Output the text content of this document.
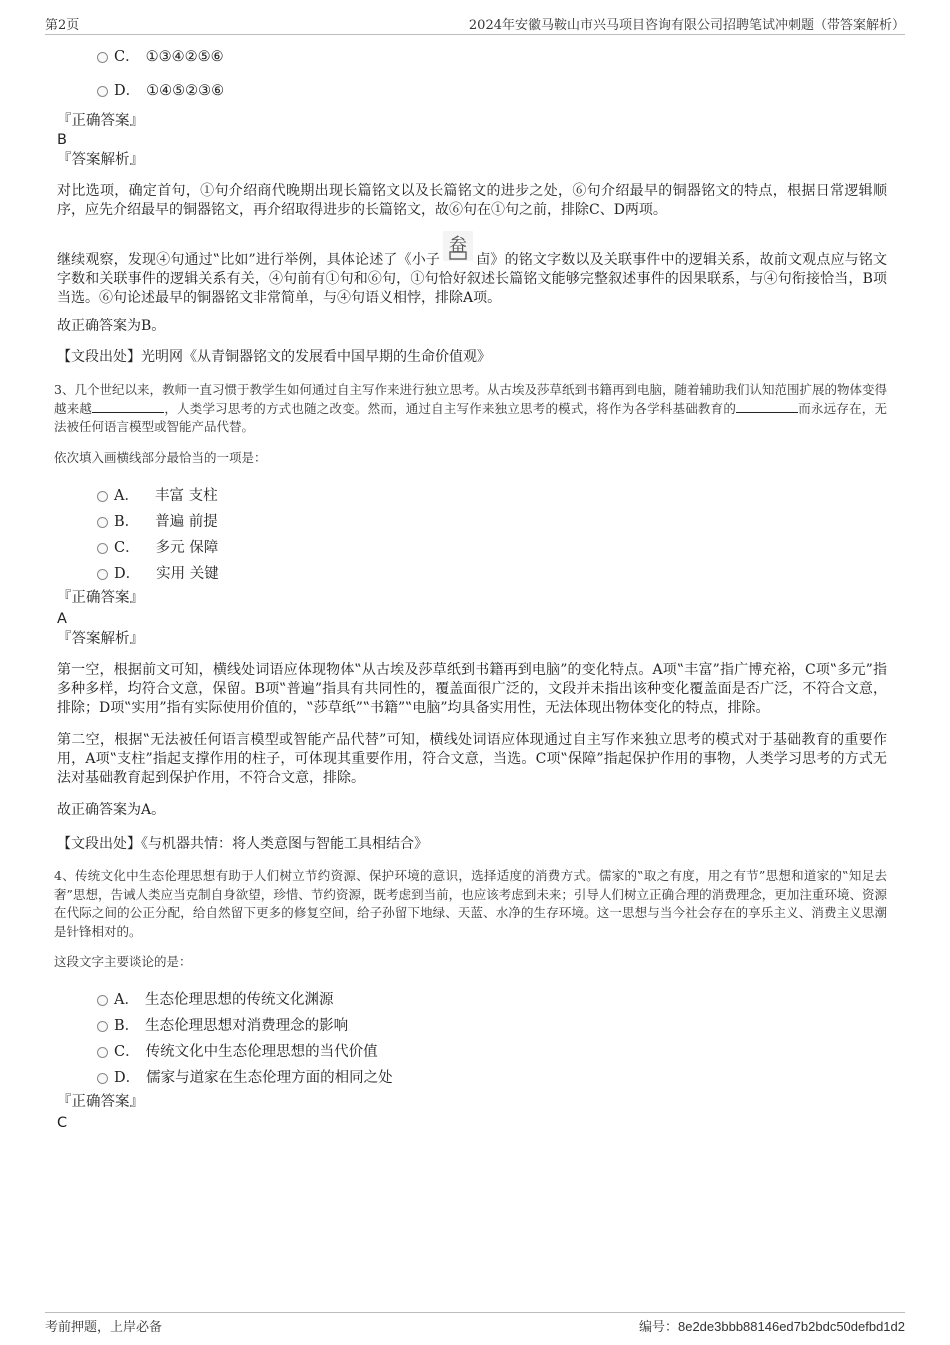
第2页	2024年安徽马鞍山市兴马项目咨询有限公司招聘笔试冲刺题（带答案解析）
C． ①③④②⑤⑥
D． ①④⑤②③⑥
『正确答案』
B
『答案解析』
对比选项，确定首句，①句介绍商代晚期出现长篇铭文以及长篇铭文的进步之处，⑥句介绍最早的铜器铭文的特点，根据日常逻辑顺序，应先介绍最早的铜器铭文，再介绍取得进步的长篇铭文，故⑥句在①句之前，排除C、D两项。
继续观察，发现④句通过‟比如”进行举例，具体论述了《小子
畚
卣》的铭文字数以及关联事件中的逻辑关系，故前文观点应与铭文字数和关联事件的逻辑关系有关，④句前有①句和⑥句，①句恰好叙述长篇铭文能够完整叙述事件的因果联系，与④句衔接恰当，B项当选。⑥句论述最早的铜器铭文非常简单，与④句语义相悖，排除A项。
故正确答案为B。
【文段出处】光明网《从青铜器铭文的发展看中国早期的生命价值观》
3、几个世纪以来，教师一直习惯于教学生如何通过自主写作来进行独立思考。从古埃及莎草纸到书籍再到电脑，随着辅助我们认知范围扩展的物体变得越来越	，人类学习思考的方式也随之改变。然而，通过自主写作来独立思考的模式，将作为各学科基础教育的	而永远存在，无法被任何语言模型或智能产品代替。
依次填入画横线部分最恰当的一项是：
A． 丰富 支柱
B． 普遍 前提
C． 多元 保障
D． 实用 关键
『正确答案』
A
『答案解析』
第一空，根据前文可知，横线处词语应体现物体‟从古埃及莎草纸到书籍再到电脑”的变化特点。A项‟丰富”指广博充裕，C项‟多元”指多种多样，均符合文意，保留。B项‟普遍”指具有共同性的，覆盖面很广泛的，文段并未指出该种变化覆盖面是否广泛，不符合文意，排除；D项‟实用”指有实际使用价值的，‟莎草纸”‟书籍”‟电脑”均具备实用性，无法体现出物体变化的特点，排除。
第二空，根据‟无法被任何语言模型或智能产品代替”可知，横线处词语应体现通过自主写作来独立思考的模式对于基础教育的重要作用，A项‟支柱”指起支撑作用的柱子，可体现其重要作用，符合文意，当选。C项‟保障”指起保护作用的事物，人类学习思考的方式无法对基础教育起到保护作用，不符合文意，排除。
故正确答案为A。
【文段出处】《与机器共情：将人类意图与智能工具相结合》
4、传统文化中生态伦理思想有助于人们树立节约资源、保护环境的意识，选择适度的消费方式。儒家的‟取之有度，用之有节”思想和道家的‟知足去奢”思想，告诫人类应当克制自身欲望，珍惜、节约资源，既考虑到当前，也应该考虑到未来；引导人们树立正确合理的消费理念，更加注重环境、资源在代际之间的公正分配，给自然留下更多的修复空间，给子孙留下地绿、天蓝、水净的生存环境。这一思想与当今社会存在的享乐主义、消费主义思潮是针锋相对的。
这段文字主要谈论的是：
A． 生态伦理思想的传统文化渊源
B． 生态伦理思想对消费理念的影响
C． 传统文化中生态伦理思想的当代价值
D． 儒家与道家在生态伦理方面的相同之处
『正确答案』
C
考前押题，上岸必备	编号：8e2de3bbb88146ed7b2bdc50defbd1d2
